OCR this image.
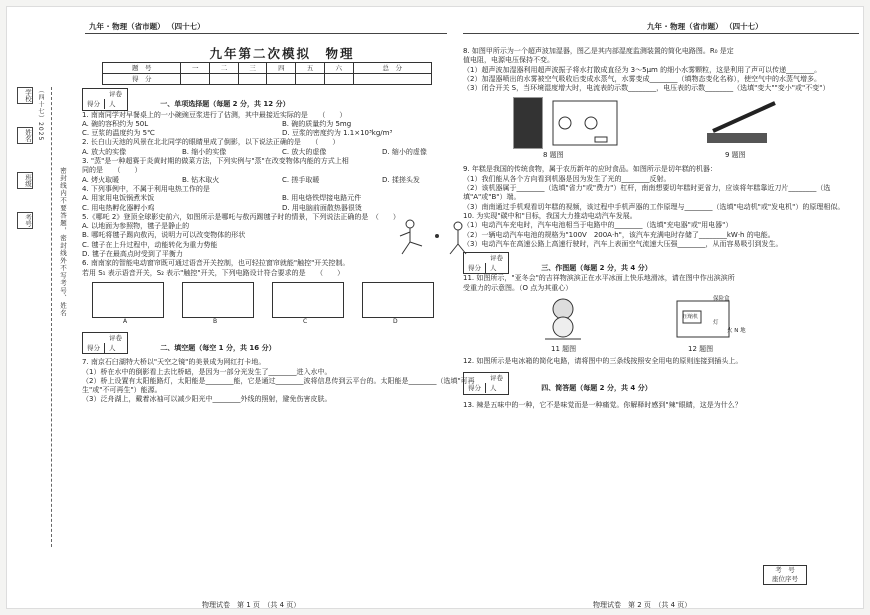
学校
姓名
班级
考号
（四十七）2025
密封线内不要答题，密封线外不写考号、姓名
九年 · 物理（省市题） （四十七）	九年 · 物理（省市题） （四十七）
九年第二次模拟　物理
题　号	一	二	三	四	五	六	总　分
得　分							
得分评卷人	一、单项选择题（每题 2 分，共 12 分）

1. 南南同学对早餐桌上的一小碗豌豆浆进行了估测，其中最接近实际的是　　（　　）

A. 碗的容积约为 50L	B. 碗的质量约为 5mg
C. 豆浆的温度约为 5℃	D. 豆浆的密度约为 1.1×10³kg/m³

2. 长白山天池的风景在北北同学的眼睛里成了倒影，以下说法正确的是　　（　　）

A. 放大的实像	B. 缩小的实像	C. 放大的虚像	D. 缩小的虚像

3. "蒸"是一种超赛于炎黄时期的做菜方法，下列实例与"蒸"在改变物体内能的方式上相

同的是　　（　　）

A. 烤火取暖	B. 钻木取火	C. 搓手取暖	D. 揉搓头发

4. 下列事例中，不属于利用电热工作的是

A. 用家用电饭锅煮米饭	B. 用电烙铁焊接电路元件
C. 用电热孵化器孵小鸡	D. 用电脑前面散热器很烫

5.《哪吒 2》登顶全球影史前六，如图所示是哪吒与敖丙踢毽子时的情景，下列说法正确的是　（　　）

A. 以地面为参照物，毽子是静止的

B. 哪吒将毽子踢向敖丙，说明力可以改变物体的形状

C. 毽子在上升过程中，动能转化为重力势能

D. 毽子在最高点时受到了平衡力

6. 南南家的智能电动窗帘既可通过语音开关控制，也可轻拉窗帘就能"触控"开关控制。

若用 S₁ 表示语音开关，S₂ 表示"触控"开关，下列电路设计符合要求的是　　（　　）

A	B	C	D
得分评卷人	二、填空题（每空 1 分，共 16 分）

7. 南京石臼湖特大桥以"天空之镜"的美景成为网红打卡地。

（1）桥在水中的倒影看上去比桥暗，是因为一部分光发生了________进入水中。

（2）桥上设置有太阳能路灯，太阳能是________能，它是通过________波将信息传到云平台的。太阳能是________（选填"可再生"或"不可再生"）能源。

（3）泛舟湖上，戴着冰袖可以减少阳光中________外线的照射，避免伤害皮肤。

物理试卷　第 1 页　（共 4 页）

8. 如图甲所示为一个超声波加湿器，图乙是其内部湿度监测装置的简化电路图。R₀ 是定

值电阻，电源电压保持不变。

（1）超声波加湿器利用超声波振子将水打散成直径为 3～5μm 的细小水雾颗粒，这是利用了声可以传递________。

（2）加湿器喷出的水雾被空气吸收后变成水蒸气，水雾变成________（填物态变化名称），使空气中的水蒸气增多。

（3）闭合开关 S，当环境湿度增大时，电流表的示数________，电压表的示数________（选填"变大""变小"或"不变"）

8 题图	9 题图

9. 年糕是我国的传统食物，属于农历新年的应时食品。如图所示是切年糕的机器：

（1）我们能从各个方向看到机器是因为发生了光的________反射。

（2）该机器属于________（选填"省力"或"费力"）杠杆，南南想要切年糕时更省力，应该将年糕靠近刀片________（选填"A"或"B"）端。

（3）南南通过手机观看切年糕的视频，该过程中手机声器的工作原理与________（选填"电动机"或"发电机"）的原理相似。

10. 为实现"碳中和"目标，我国大力推动电动汽车发展。

（1）电动汽车充电时，汽车电池相当于电路中的________（选填"充电器"或"用电器"）

（2）一辆电动汽车电池的规格为"100V　200A·h"，该汽车充满电时存储了________kW·h 的电能。

（3）电动汽车在高速公路上高速行驶时，汽车上表面空气流速大压强________，从而容易吸引到发生。

得分评卷人	三、作图题（每题 2 分，共 4 分）

11. 如图所示，"亚冬会"的吉祥物滨滨正在水平冰面上快乐地滑冰，请在图中作出滨滨所

受重力的示意图。（O 点为其重心）

保险盒
压缩机
灯
火 N 地
11 题图	12 题图

12. 如图所示是电冰箱的简化电路，请将图中的三条线按照安全用电的原则连接到插头上。

得分评卷人	四、简答题（每题 2 分，共 4 分）

13. 辣是五味中的一种，它不是味觉而是一种痛觉。你解释时感到"辣"眼睛，这是为什么？

考　号
座位序号
物理试卷　第 2 页　（共 4 页）
